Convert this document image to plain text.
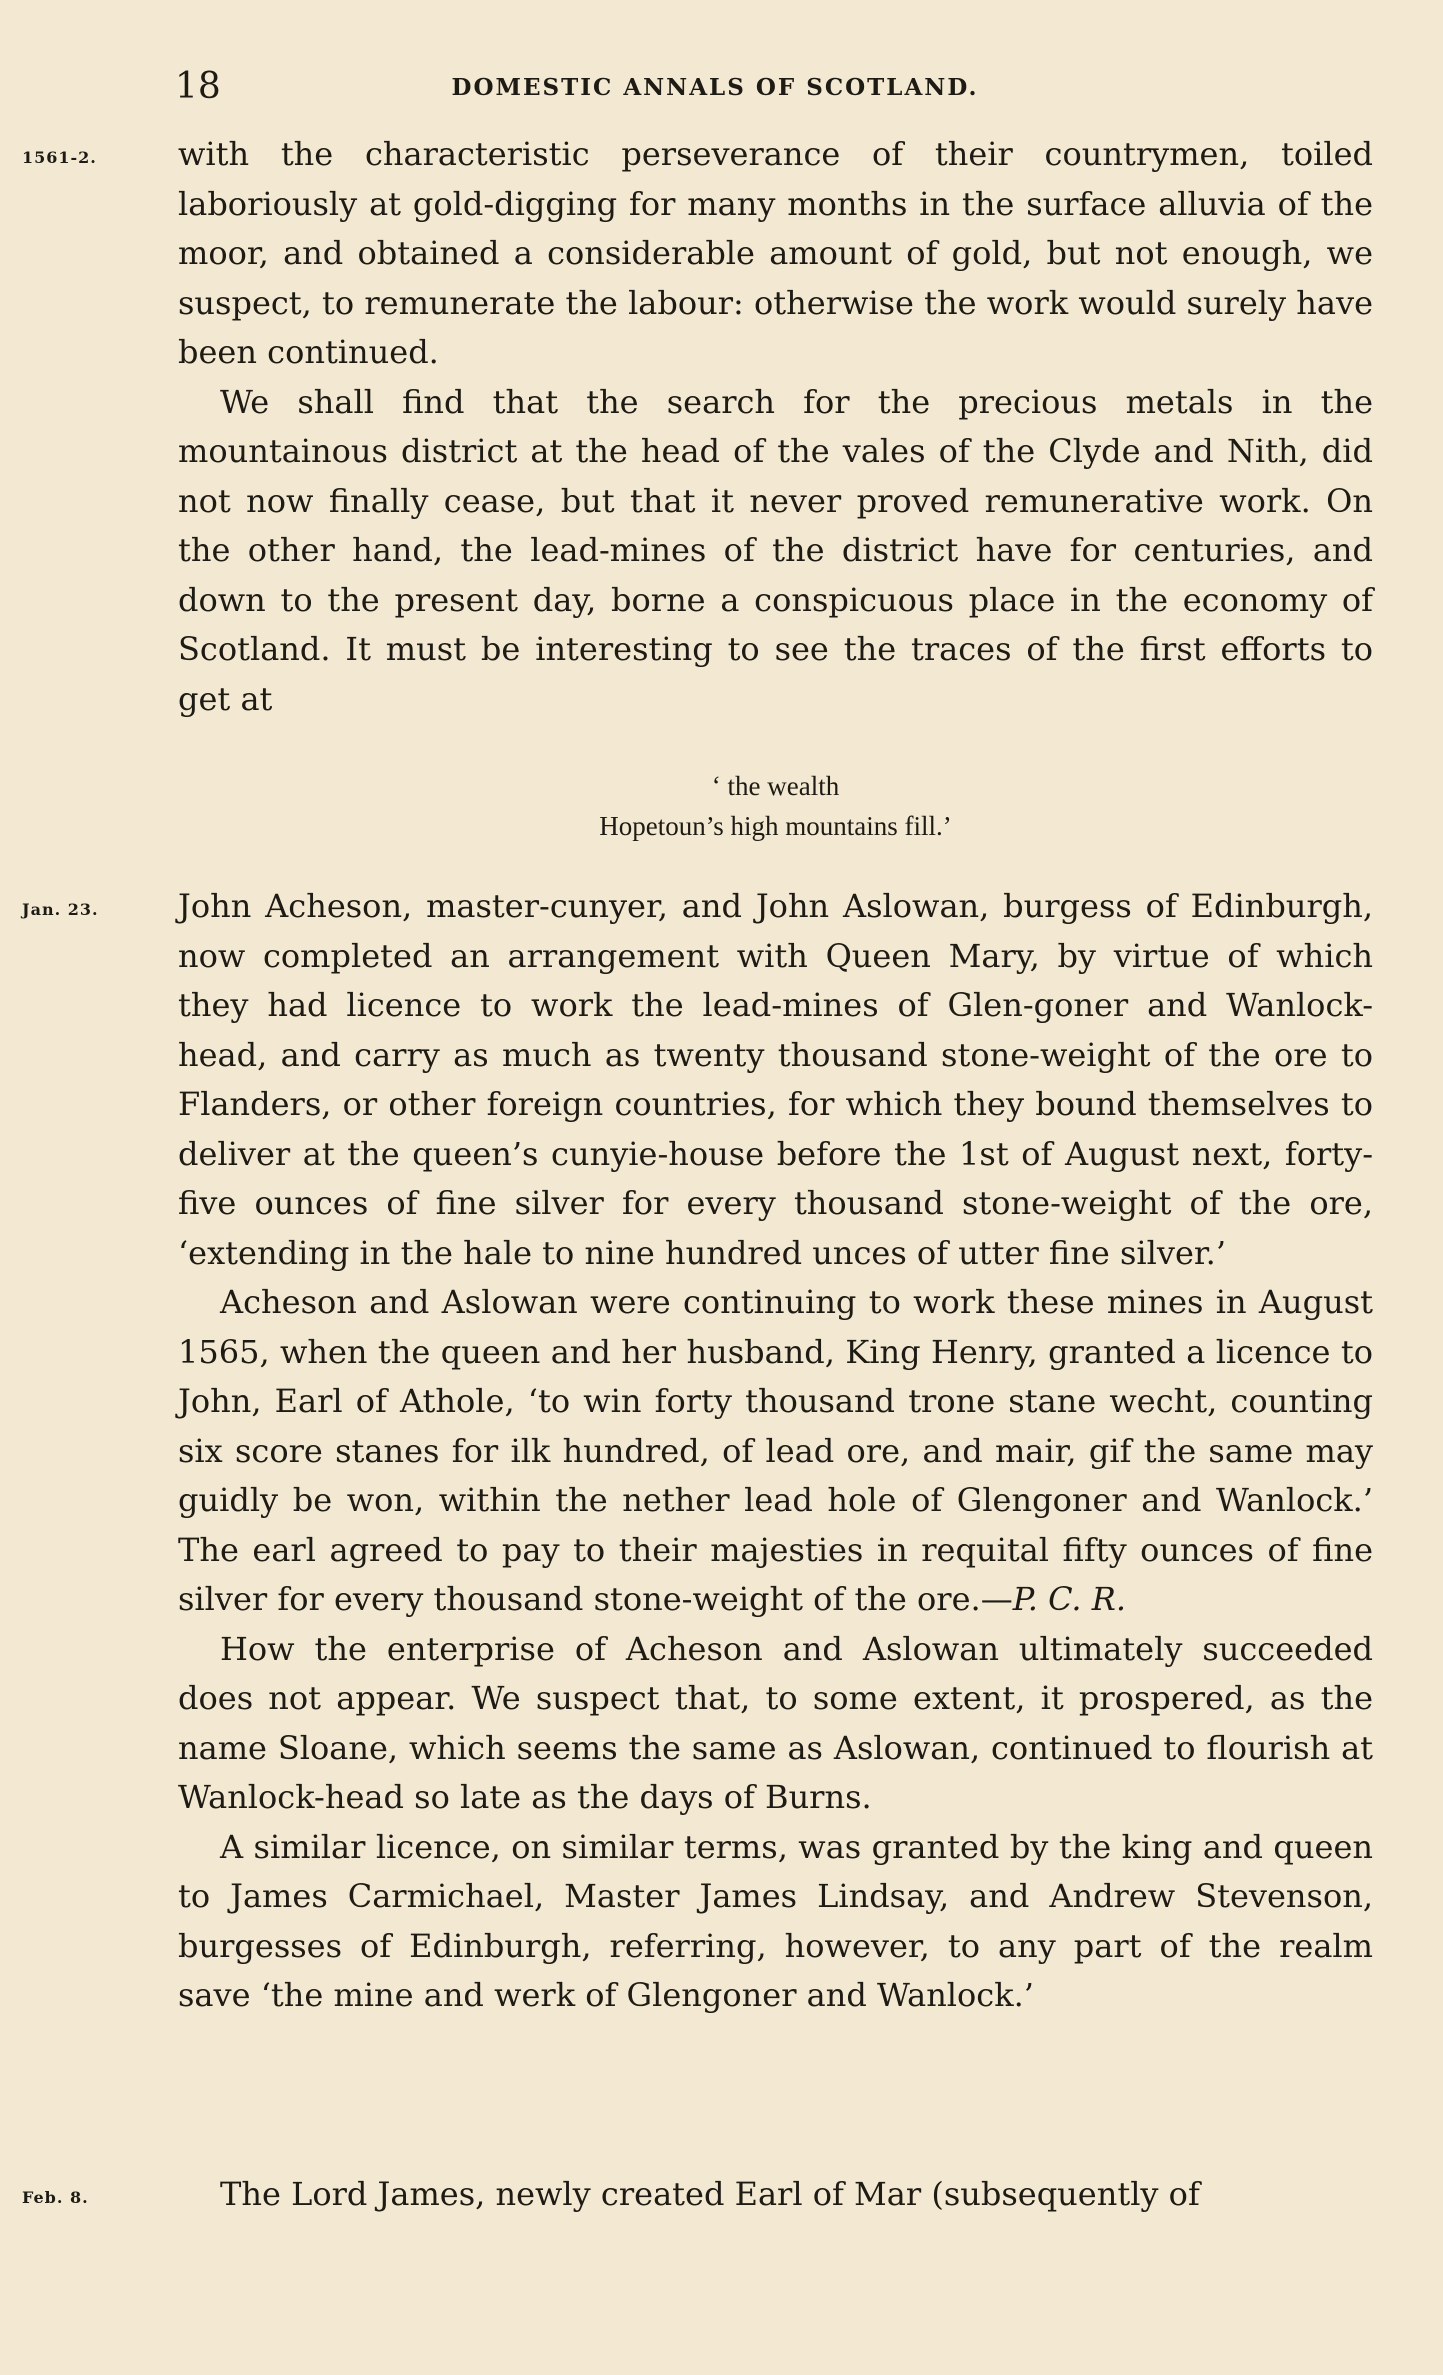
18	DOMESTIC ANNALS OF SCOTLAND.
1561-2.	with the characteristic perseverance of their countrymen, toiled laboriously at gold-digging for many months in the surface alluvia of the moor, and obtained a considerable amount of gold, but not enough, we suspect, to remunerate the labour: otherwise the work would surely have been continued.

We shall find that the search for the precious metals in the mountainous district at the head of the vales of the Clyde and Nith, did not now finally cease, but that it never proved remunerative work. On the other hand, the lead-mines of the district have for centuries, and down to the present day, borne a conspicuous place in the economy of Scotland. It must be interesting to see the traces of the first efforts to get at

‘ the wealth

Hopetoun’s high mountains fill.’

Jan. 23.	John Acheson, master-cunyer, and John Aslowan, burgess of Edinburgh, now completed an arrangement with Queen Mary, by virtue of which they had licence to work the lead-mines of Glen-goner and Wanlock-head, and carry as much as twenty thousand stone-weight of the ore to Flanders, or other foreign countries, for which they bound themselves to deliver at the queen’s cunyie-house before the 1st of August next, forty-five ounces of fine silver for every thousand stone-weight of the ore, ‘extending in the hale to nine hundred unces of utter fine silver.’

Acheson and Aslowan were continuing to work these mines in August 1565, when the queen and her husband, King Henry, granted a licence to John, Earl of Athole, ‘to win forty thousand trone stane wecht, counting six score stanes for ilk hundred, of lead ore, and mair, gif the same may guidly be won, within the nether lead hole of Glengoner and Wanlock.’ The earl agreed to pay to their majesties in requital fifty ounces of fine silver for every thousand stone-weight of the ore.—P. C. R.

How the enterprise of Acheson and Aslowan ultimately succeeded does not appear. We suspect that, to some extent, it prospered, as the name Sloane, which seems the same as Aslowan, continued to flourish at Wanlock-head so late as the days of Burns.

A similar licence, on similar terms, was granted by the king and queen to James Carmichael, Master James Lindsay, and Andrew Stevenson, burgesses of Edinburgh, referring, however, to any part of the realm save ‘the mine and werk of Glengoner and Wanlock.’

Feb. 8.	The Lord James, newly created Earl of Mar (subsequently of
